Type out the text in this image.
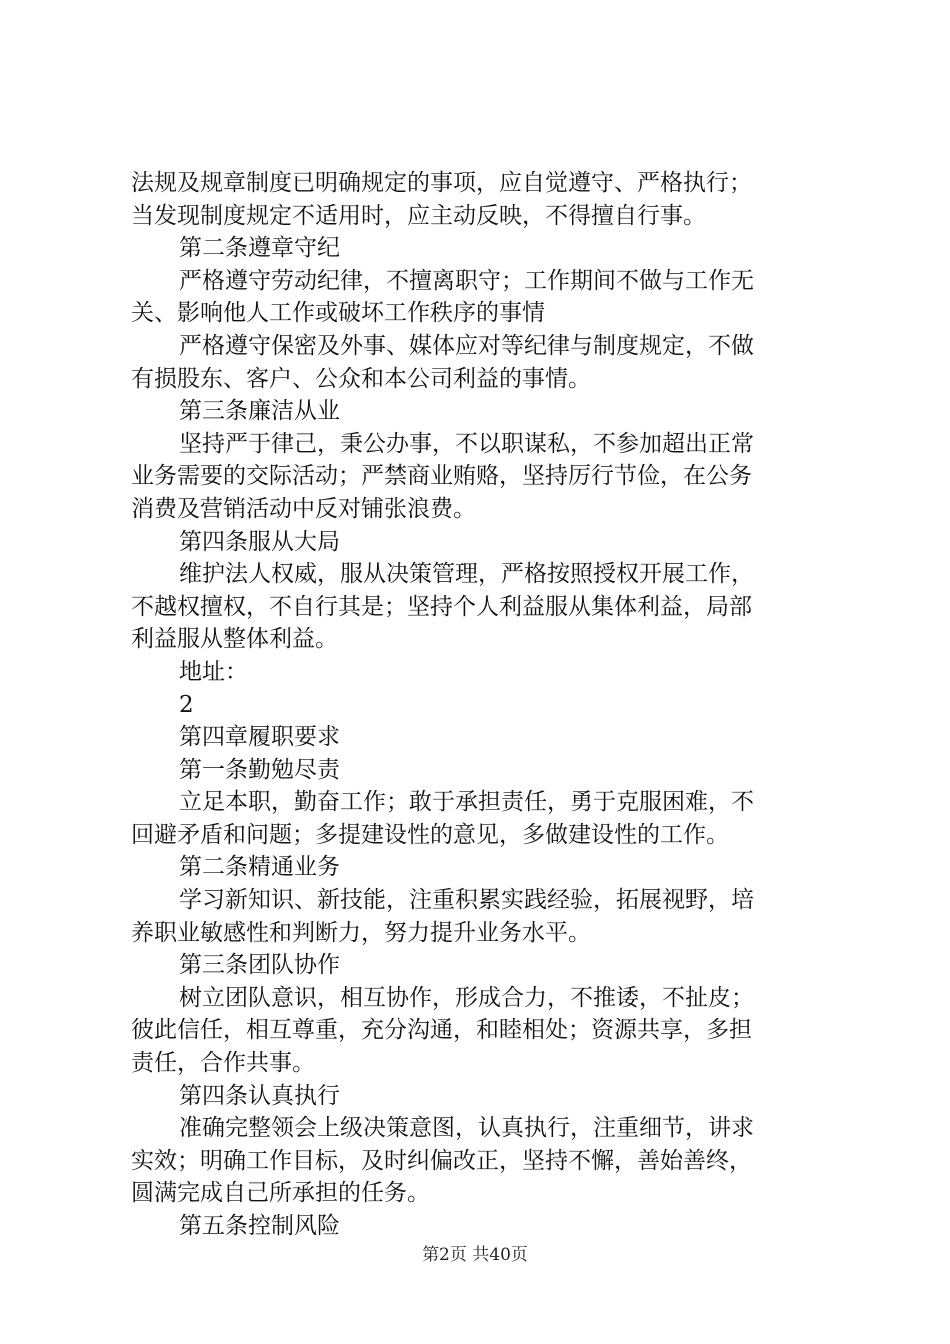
法规及规章制度已明确规定的事项，应自觉遵守、严格执行；
当发现制度规定不适用时，应主动反映，不得擅自行事。
第二条遵章守纪
严格遵守劳动纪律，不擅离职守；工作期间不做与工作无
关、影响他人工作或破坏工作秩序的事情
严格遵守保密及外事、媒体应对等纪律与制度规定，不做
有损股东、客户、公众和本公司利益的事情。
第三条廉洁从业
坚持严于律己，秉公办事，不以职谋私，不参加超出正常
业务需要的交际活动；严禁商业贿赂，坚持厉行节俭，在公务
消费及营销活动中反对铺张浪费。
第四条服从大局
维护法人权威，服从决策管理，严格按照授权开展工作，
不越权擅权，不自行其是；坚持个人利益服从集体利益，局部
利益服从整体利益。
地址：
2
第四章履职要求
第一条勤勉尽责
立足本职，勤奋工作；敢于承担责任，勇于克服困难，不
回避矛盾和问题；多提建设性的意见，多做建设性的工作。
第二条精通业务
学习新知识、新技能，注重积累实践经验，拓展视野，培
养职业敏感性和判断力，努力提升业务水平。
第三条团队协作
树立团队意识，相互协作，形成合力，不推诿，不扯皮；
彼此信任，相互尊重，充分沟通，和睦相处；资源共享，多担
责任，合作共事。
第四条认真执行
准确完整领会上级决策意图，认真执行，注重细节，讲求
实效；明确工作目标，及时纠偏改正，坚持不懈，善始善终，
圆满完成自己所承担的任务。
第五条控制风险
第2页 共40页
